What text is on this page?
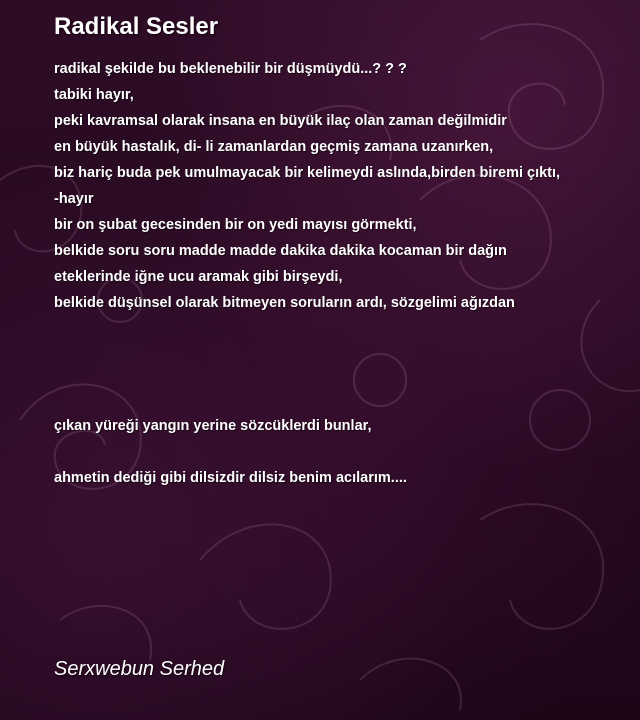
Radikal Sesler
radikal şekilde bu beklenebilir bir düşmüydü...? ? ?
tabiki hayır,
peki kavramsal olarak insana en büyük ilaç olan zaman değilmidir
en büyük hastalık, di- li zamanlardan geçmiş zamana uzanırken,
biz hariç buda pek umulmayacak bir kelimeydi aslında,birden biremi çıktı,
-hayır
bir on şubat gecesinden bir on yedi mayısı görmekti,
belkide soru soru madde madde dakika dakika kocaman bir dağın
eteklerinde iğne ucu aramak gibi birşeydi,
belkide düşünsel olarak bitmeyen soruların ardı, sözgelimi ağızdan
çıkan yüreği yangın yerine sözcüklerdi bunlar,
ahmetin dediği gibi dilsizdir dilsiz benim acılarım....
Serxwebun Serhed
